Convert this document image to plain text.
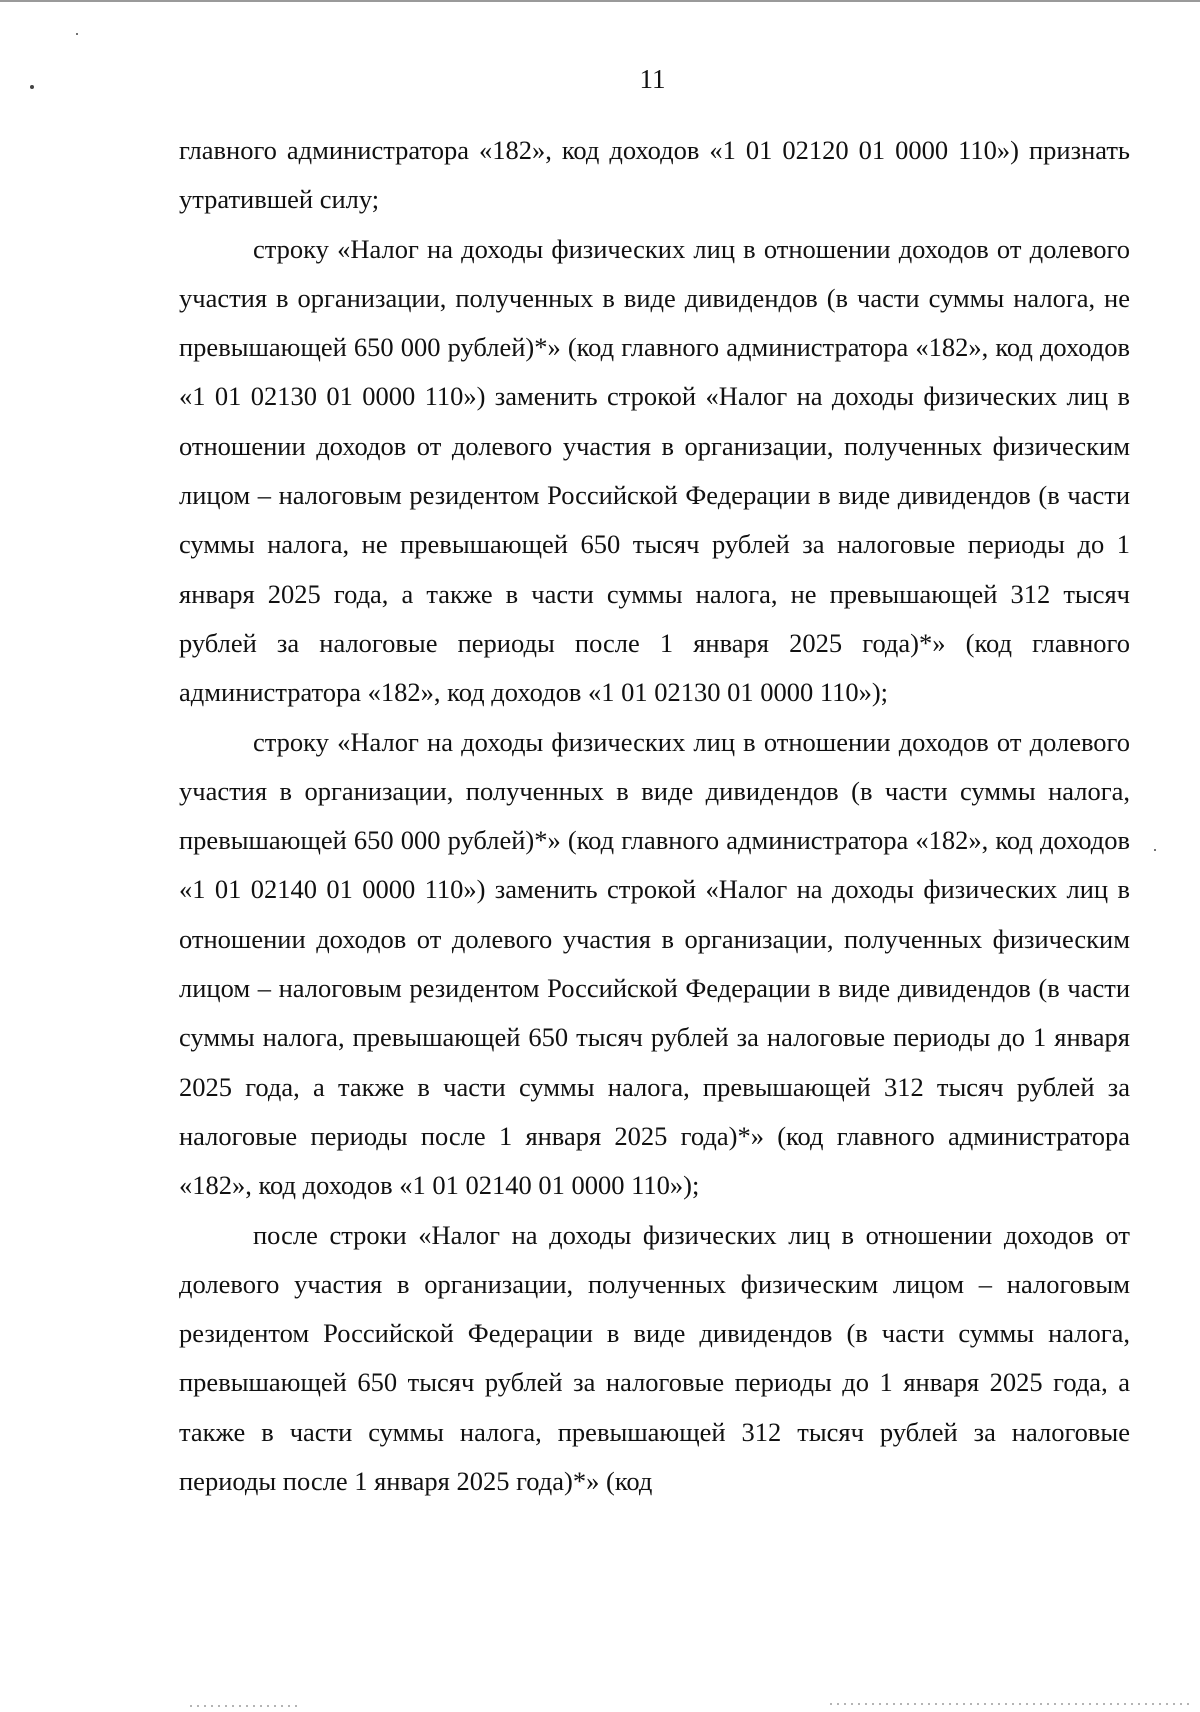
11

главного администратора «182», код доходов «1 01 02120 01 0000 110») признать утратившей силу;

строку «Налог на доходы физических лиц в отношении доходов от долевого участия в организации, полученных в виде дивидендов (в части суммы налога, не превышающей 650 000 рублей)*» (код главного администратора «182», код доходов «1 01 02130 01 0000 110») заменить строкой «Налог на доходы физических лиц в отношении доходов от долевого участия в организации, полученных физическим лицом – налоговым резидентом Российской Федерации в виде дивидендов (в части суммы налога, не превышающей 650 тысяч рублей за налоговые периоды до 1 января 2025 года, а также в части суммы налога, не превышающей 312 тысяч рублей за налоговые периоды после 1 января 2025 года)*» (код главного администратора «182», код доходов «1 01 02130 01 0000 110»);

строку «Налог на доходы физических лиц в отношении доходов от долевого участия в организации, полученных в виде дивидендов (в части суммы налога, превышающей 650 000 рублей)*» (код главного администратора «182», код доходов «1 01 02140 01 0000 110») заменить строкой «Налог на доходы физических лиц в отношении доходов от долевого участия в организации, полученных физическим лицом – налоговым резидентом Российской Федерации в виде дивидендов (в части суммы налога, превышающей 650 тысяч рублей за налоговые периоды до 1 января 2025 года, а также в части суммы налога, превышающей 312 тысяч рублей за налоговые периоды после 1 января 2025 года)*» (код главного администратора «182», код доходов «1 01 02140 01 0000 110»);

после строки «Налог на доходы физических лиц в отношении доходов от долевого участия в организации, полученных физическим лицом – налоговым резидентом Российской Федерации в виде дивидендов (в части суммы налога, превышающей 650 тысяч рублей за налоговые периоды до 1 января 2025 года, а также в части суммы налога, превышающей 312 тысяч рублей за налоговые периоды после 1 января 2025 года)*» (код
